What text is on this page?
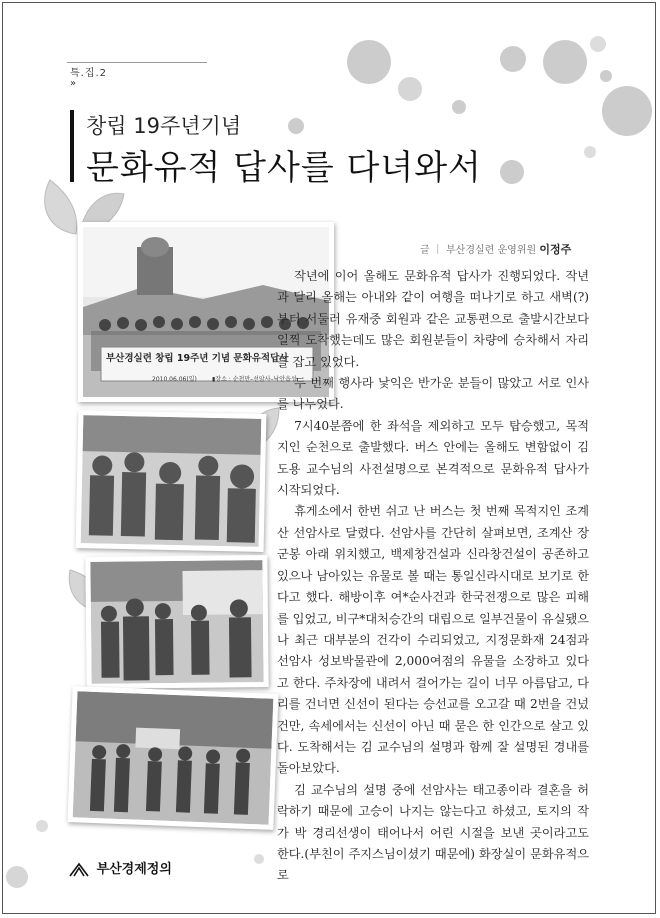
특.집.2
»
창립 19주년기념
문화유적 답사를 다녀와서
부산경실련 창립 19주년 기념 문화유적답사
2010.06.06(일)	▮장소 : 순천만–선암사–낙안읍성
글 ｜ 부산경실련 운영위원 이정주

작년에 이어 올해도 문화유적 답사가 진행되었다. 작년과 달리 올해는 아내와 같이 여행을 떠나기로 하고 새벽(?)부터 서둘러 유재중 회원과 같은 교통편으로 출발시간보다 일찍 도착했는데도 많은 회원분들이 차량에 승차해서 자리를 잡고 있었다.

두 번째 행사라 낯익은 반가운 분들이 많았고 서로 인사를 나누었다.

7시40분쯤에 한 좌석을 제외하고 모두 탑승했고, 목적지인 순천으로 출발했다. 버스 안에는 올해도 변함없이 김도용 교수님의 사전설명으로 본격적으로 문화유적 답사가 시작되었다.

휴게소에서 한번 쉬고 난 버스는 첫 번째 목적지인 조계산 선암사로 달렸다. 선암사를 간단히 살펴보면, 조계산 장군봉 아래 위치했고, 백제창건설과 신라창건설이 공존하고 있으나 남아있는 유물로 볼 때는 통일신라시대로 보기로 한다고 했다. 해방이후 여*순사건과 한국전쟁으로 많은 피해를 입었고, 비구*대처승간의 대립으로 일부건물이 유실됐으나 최근 대부분의 건각이 수리되었고, 지정문화재 24점과 선암사 성보박물관에 2,000여점의 유물을 소장하고 있다고 한다. 주차장에 내려서 걸어가는 길이 너무 아름답고, 다리를 건너면 신선이 된다는 승선교를 오고갈 때 2번을 건넜건만, 속세에서는 신선이 아닌 때 묻은 한 인간으로 살고 있다. 도착해서는 김 교수님의 설명과 함께 잘 설명된 경내를 돌아보았다.

김 교수님의 설명 중에 선암사는 태고종이라 결혼을 허락하기 때문에 고승이 나지는 않는다고 하셨고, 토지의 작가 박 경리선생이 태어나서 어린 시절을 보낸 곳이라고도 한다.(부친이 주지스님이셨기 때문에) 화장실이 문화유적으로

부산경제정의
